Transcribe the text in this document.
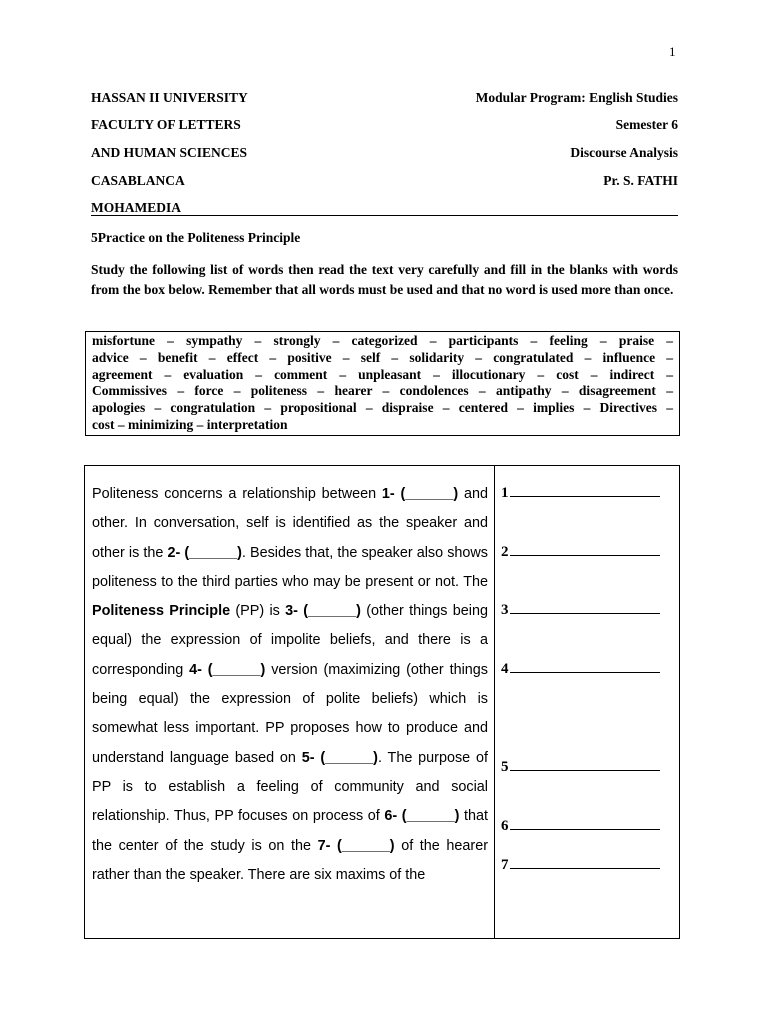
1
HASSAN II UNIVERSITY	Modular Program: English Studies
FACULTY OF LETTERS	Semester 6
AND HUMAN SCIENCES	Discourse Analysis
CASABLANCA	Pr. S. FATHI
MOHAMEDIA
5Practice on the Politeness Principle
Study the following list of words then read the text very carefully and fill in the blanks with words from the box below. Remember that all words must be used and that no word is used more than once.
misfortune – sympathy – strongly – categorized – participants – feeling – praise –
advice – benefit – effect – positive – self – solidarity – congratulated – influence –
agreement – evaluation – comment – unpleasant – illocutionary – cost – indirect –
Commissives – force – politeness – hearer – condolences – antipathy – disagreement –
apologies – congratulation – propositional – dispraise – centered – implies – Directives –
cost – minimizing – interpretation
Politeness concerns a relationship between 1- (______) and other. In conversation, self is identified as the speaker and other is the 2- (______). Besides that, the speaker also shows politeness to the third parties who may be present or not. The Politeness Principle (PP) is 3- (______) (other things being equal) the expression of impolite beliefs, and there is a corresponding 4- (______) version (maximizing (other things being equal) the expression of polite beliefs) which is somewhat less important. PP proposes how to produce and understand language based on 5- (______). The purpose of PP is to establish a feeling of community and social relationship. Thus, PP focuses on process of 6- (______) that the center of the study is on the 7- (______) of the hearer rather than the speaker. There are six maxims of the
1
2
3
4
5
6
7
